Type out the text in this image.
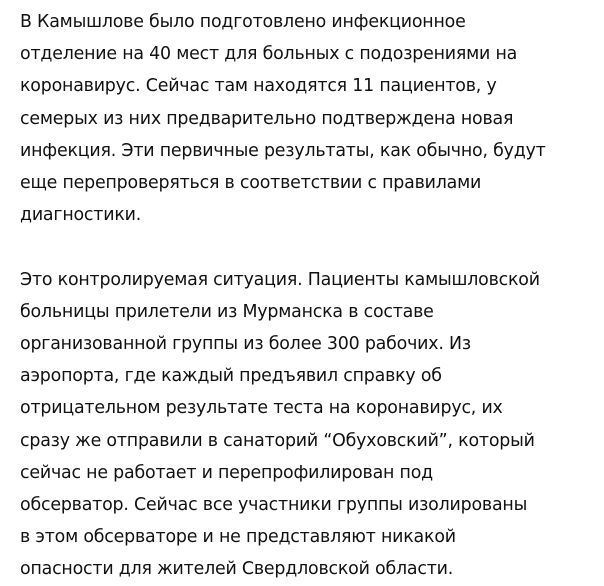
В Камышлове было подготовлено инфекционное
отделение на 40 мест для больных с подозрениями на
коронавирус. Сейчас там находятся 11 пациентов, у
семерых из них предварительно подтверждена новая
инфекция. Эти первичные результаты, как обычно, будут
еще перепроверяться в соответствии с правилами
диагностики.
Это контролируемая ситуация. Пациенты камышловской
больницы прилетели из Мурманска в составе
организованной группы из более 300 рабочих. Из
аэропорта, где каждый предъявил справку об
отрицательном результате теста на коронавирус, их
сразу же отправили в санаторий “Обуховский”, который
сейчас не работает и перепрофилирован под
обсерватор. Сейчас все участники группы изолированы
в этом обсерваторе и не представляют никакой
опасности для жителей Свердловской области.
